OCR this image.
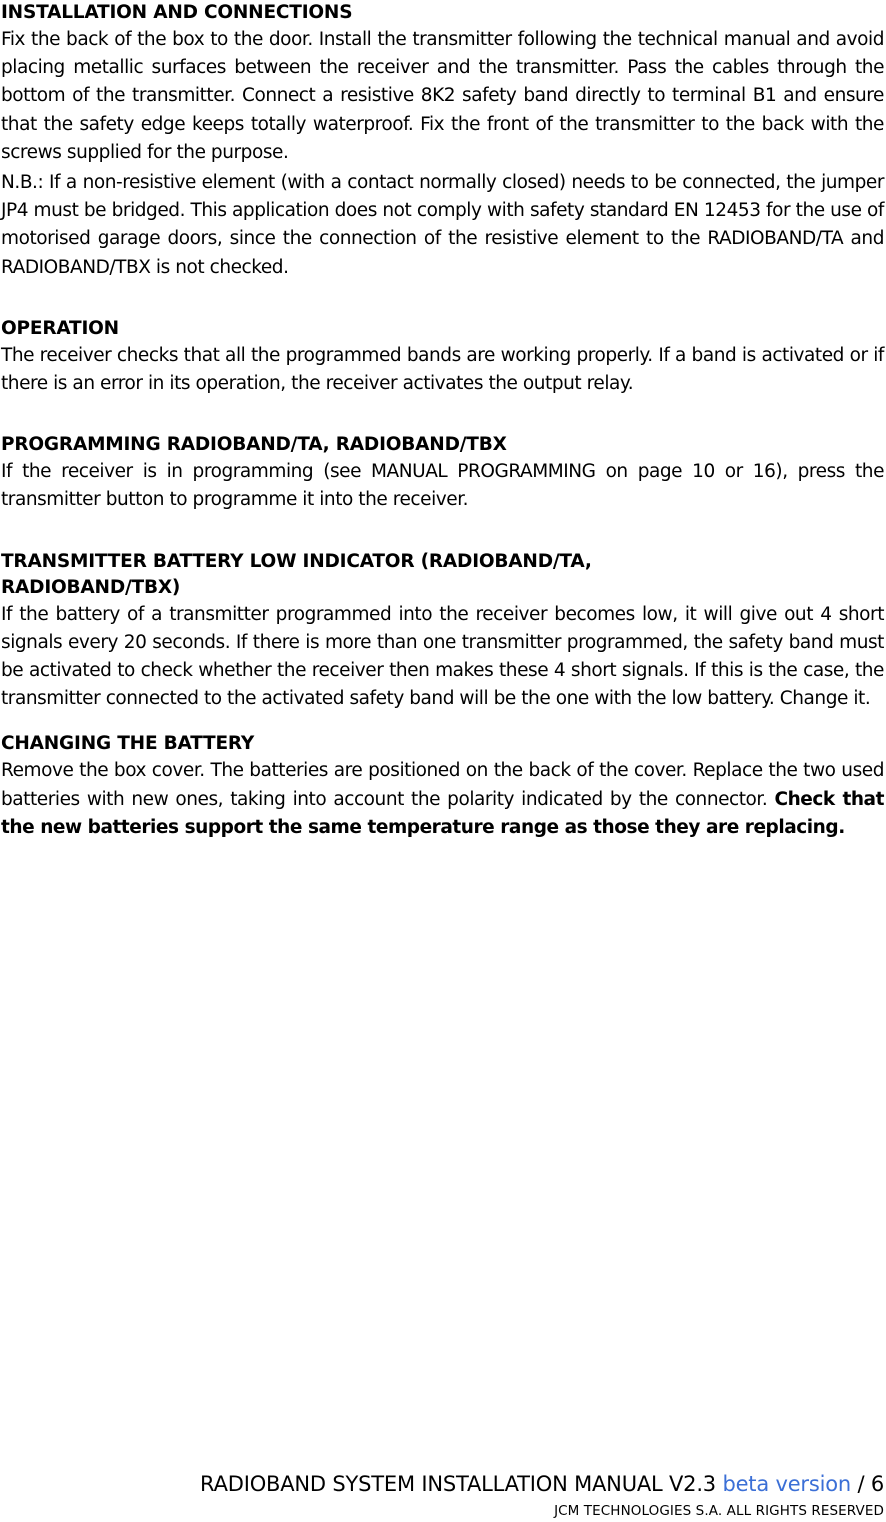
INSTALLATION AND CONNECTIONS

Fix the back of the box to the door. Install the transmitter following the technical manual and avoid placing metallic surfaces between the receiver and the transmitter. Pass the cables through the bottom of the transmitter. Connect a resistive 8K2 safety band directly to terminal B1 and ensure that the safety edge keeps totally waterproof. Fix the front of the transmitter to the back with the screws supplied for the purpose.

N.B.: If a non-resistive element (with a contact normally closed) needs to be connected, the jumper JP4 must be bridged. This application does not comply with safety standard EN 12453 for the use of motorised garage doors, since the connection of the resistive element to the RADIOBAND/TA and RADIOBAND/TBX is not checked.

OPERATION

The receiver checks that all the programmed bands are working properly. If a band is activated or if there is an error in its operation, the receiver activates the output relay.

PROGRAMMING RADIOBAND/TA, RADIOBAND/TBX

If the receiver is in programming (see MANUAL PROGRAMMING on page 10 or 16), press the transmitter button to programme it into the receiver.

TRANSMITTER BATTERY LOW INDICATOR (RADIOBAND/TA,
RADIOBAND/TBX)

If the battery of a transmitter programmed into the receiver becomes low, it will give out 4 short signals every 20 seconds. If there is more than one transmitter programmed, the safety band must be activated to check whether the receiver then makes these 4 short signals. If this is the case, the transmitter connected to the activated safety band will be the one with the low battery. Change it.

CHANGING THE BATTERY

Remove the box cover. The batteries are positioned on the back of the cover. Replace the two used batteries with new ones, taking into account the polarity indicated by the connector. Check that the new batteries support the same temperature range as those they are replacing.

RADIOBAND SYSTEM INSTALLATION MANUAL V2.3 beta version / 6
JCM TECHNOLOGIES S.A. ALL RIGHTS RESERVED
